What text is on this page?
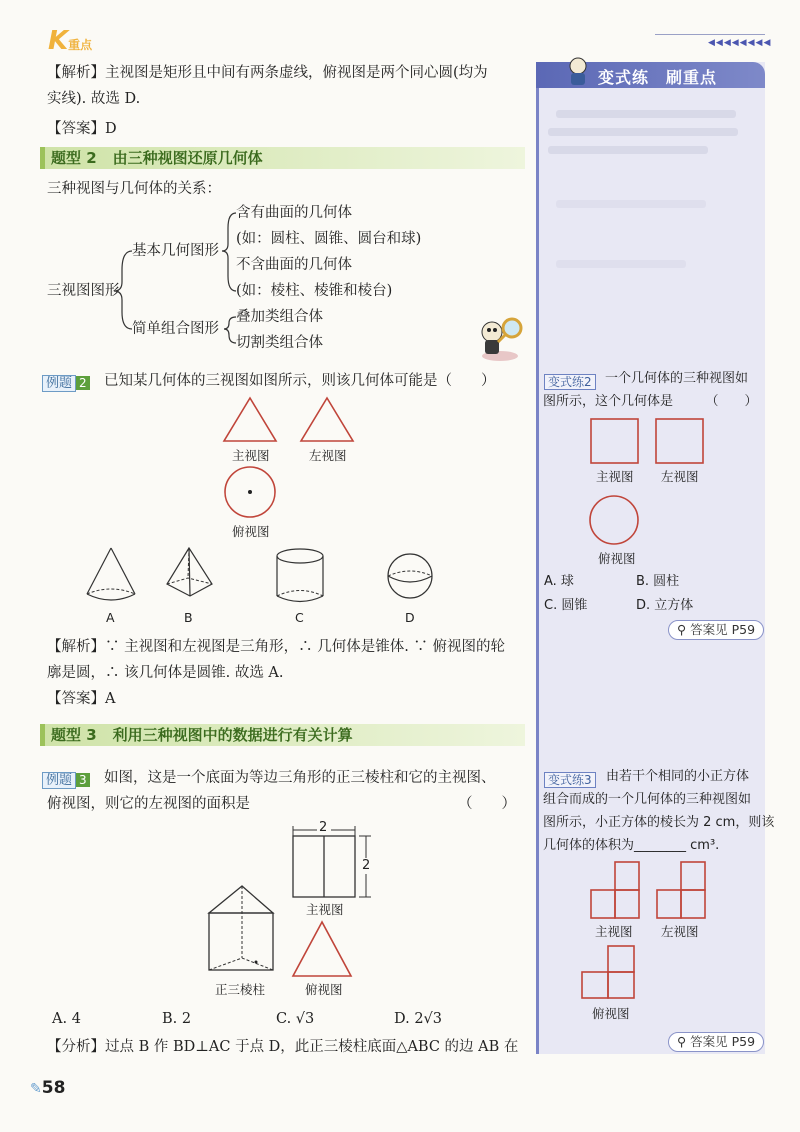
K重点	◀◀◀◀◀◀◀◀
【解析】主视图是矩形且中间有两条虚线，俯视图是两个同心圆(均为
实线). 故选 D.
【答案】D
题型 2 由三种视图还原几何体
三种视图与几何体的关系：
三视图图形
基本几何图形
简单组合图形
含有曲面的几何体
(如：圆柱、圆锥、圆台和球)
不含曲面的几何体
(如：棱柱、棱锥和棱台)
叠加类组合体
切割类组合体
例题 2 已知某几何体的三视图如图所示，则该几何体可能是（　　）
主视图	左视图
俯视图
A	B	C	D
【解析】∵ 主视图和左视图是三角形，∴ 几何体是锥体. ∵ 俯视图的轮
廓是圆，∴ 该几何体是圆锥. 故选 A.
【答案】A
题型 3 利用三种视图中的数据进行有关计算
例题 3 如图，这是一个底面为等边三角形的正三棱柱和它的主视图、
俯视图，则它的左视图的面积是	（　　）
2
2
主视图
正三棱柱	俯视图
A. 4	B. 2	C. √3	D. 2√3
【分析】过点 B 作 BD⊥AC 于点 D，此正三棱柱底面△ABC 的边 AB 在
变式练　刷重点
变式练2	一个几何体的三种视图如
图所示，这个几何体是　　　（　　）
主视图 左视图
俯视图
A. 球	B. 圆柱
C. 圆锥	D. 立方体
⚲ 答案见 P59
变式练3	由若干个相同的小正方体
组合而成的一个几何体的三种视图如
图所示，小正方体的棱长为 2 cm，则该
几何体的体积为________ cm³.
主视图 左视图
俯视图
⚲ 答案见 P59
✎58
